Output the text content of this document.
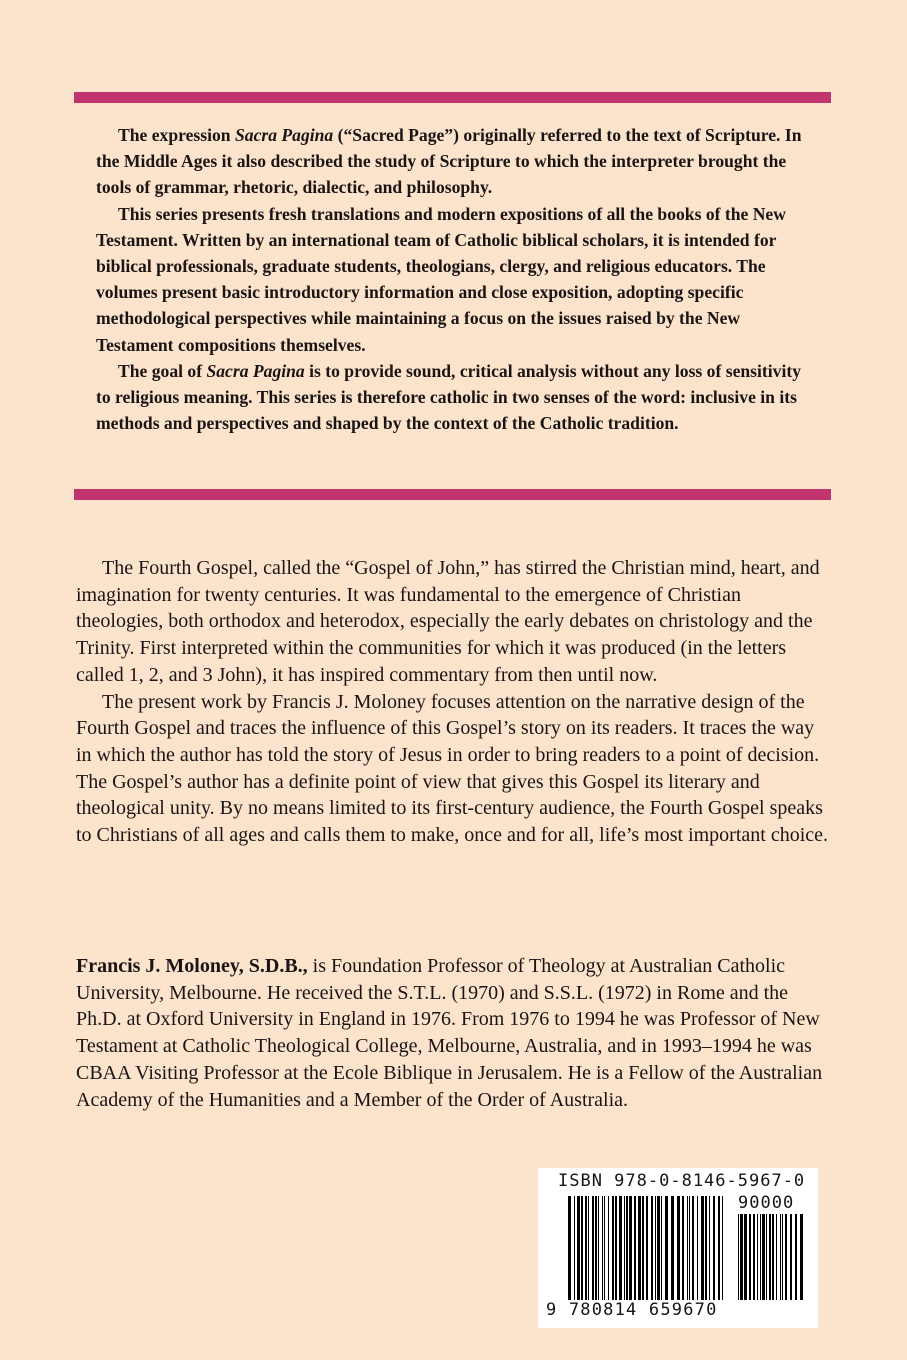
The expression Sacra Pagina (“Sacred Page”) originally referred to the text of Scripture. In the Middle Ages it also described the study of Scripture to which the interpreter brought the tools of grammar, rhetoric, dialectic, and philosophy.

This series presents fresh translations and modern expositions of all the books of the New Testament. Written by an international team of Catholic biblical scholars, it is intended for biblical professionals, graduate students, theologians, clergy, and religious educators. The volumes present basic introductory information and close exposition, adopting specific methodological perspectives while maintaining a focus on the issues raised by the New Testament compositions themselves.

The goal of Sacra Pagina is to provide sound, critical analysis without any loss of sensitivity to religious meaning. This series is therefore catholic in two senses of the word: inclusive in its methods and perspectives and shaped by the context of the Catholic tradition.

The Fourth Gospel, called the “Gospel of John,” has stirred the Christian mind, heart, and imagination for twenty centuries. It was fundamental to the emergence of Christian theologies, both orthodox and heterodox, especially the early debates on christology and the Trinity. First interpreted within the communities for which it was produced (in the letters called 1, 2, and 3 John), it has inspired commentary from then until now.

The present work by Francis J. Moloney focuses attention on the narrative design of the Fourth Gospel and traces the influence of this Gospel’s story on its readers. It traces the way in which the author has told the story of Jesus in order to bring readers to a point of decision. The Gospel’s author has a definite point of view that gives this Gospel its literary and theological unity. By no means limited to its first-century audience, the Fourth Gospel speaks to Christians of all ages and calls them to make, once and for all, life’s most important choice.

Francis J. Moloney, S.D.B., is Foundation Professor of Theology at Australian Catholic University, Melbourne. He received the S.T.L. (1970) and S.S.L. (1972) in Rome and the Ph.D. at Oxford University in England in 1976. From 1976 to 1994 he was Professor of New Testament at Catholic Theological College, Melbourne, Australia, and in 1993–1994 he was CBAA Visiting Professor at the Ecole Biblique in Jerusalem. He is a Fellow of the Australian Academy of the Humanities and a Member of the Order of Australia.

ISBN 978-0-8146-5967-0
90000
9 780814 659670
